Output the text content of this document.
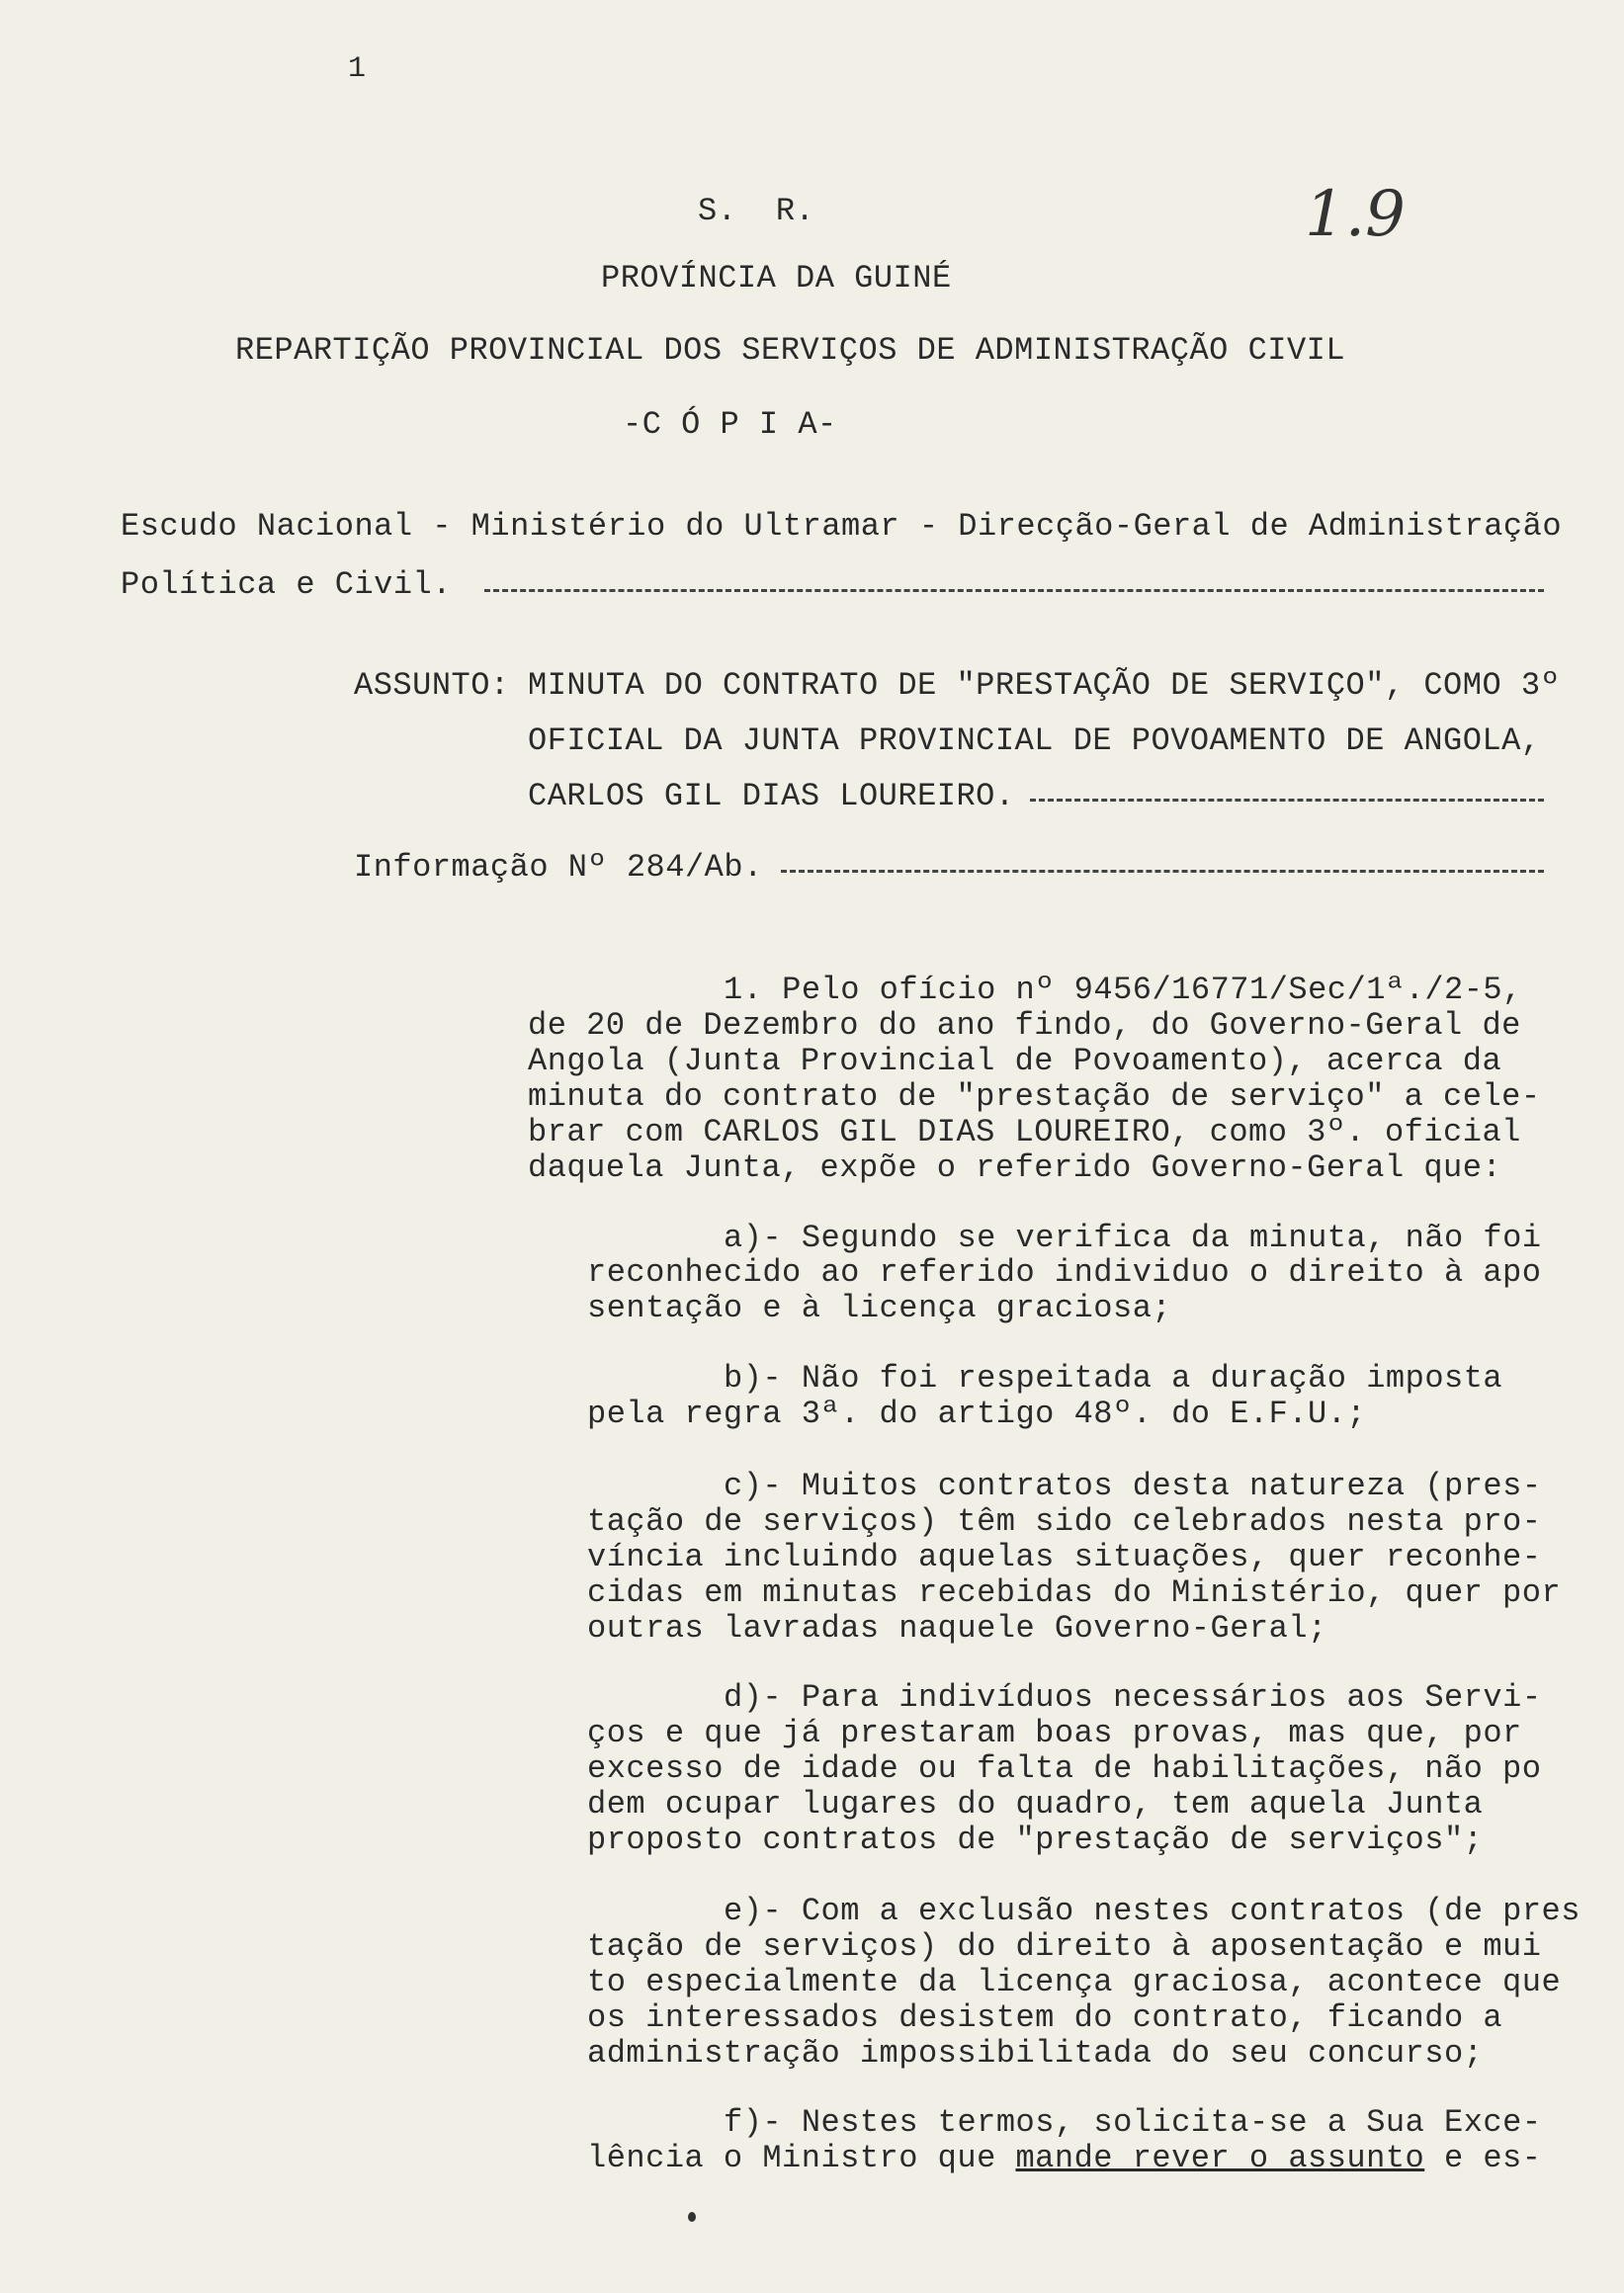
1
1.9
S.  R.
PROVÍNCIA DA GUINÉ
REPARTIÇÃO PROVINCIAL DOS SERVIÇOS DE ADMINISTRAÇÃO CIVIL
-C Ó P I A-
Escudo Nacional - Ministério do Ultramar - Direcção-Geral de Administração
Política e Civil.
ASSUNTO: MINUTA DO CONTRATO DE "PRESTAÇÃO DE SERVIÇO", COMO 3º
OFICIAL DA JUNTA PROVINCIAL DE POVOAMENTO DE ANGOLA,
CARLOS GIL DIAS LOUREIRO.
Informação Nº 284/Ab.
1. Pelo ofício nº 9456/16771/Sec/1ª./2-5,
de 20 de Dezembro do ano findo, do Governo-Geral de
Angola (Junta Provincial de Povoamento), acerca da
minuta do contrato de "prestação de serviço" a cele-
brar com CARLOS GIL DIAS LOUREIRO, como 3º. oficial
daquela Junta, expõe o referido Governo-Geral que:
a)- Segundo se verifica da minuta, não foi
reconhecido ao referido individuo o direito à apo
sentação e à licença graciosa;
b)- Não foi respeitada a duração imposta
pela regra 3ª. do artigo 48º. do E.F.U.;
c)- Muitos contratos desta natureza (pres-
tação de serviços) têm sido celebrados nesta pro-
víncia incluindo aquelas situações, quer reconhe-
cidas em minutas recebidas do Ministério, quer por
outras lavradas naquele Governo-Geral;
d)- Para indivíduos necessários aos Servi-
ços e que já prestaram boas provas, mas que, por
excesso de idade ou falta de habilitações, não po
dem ocupar lugares do quadro, tem aquela Junta
proposto contratos de "prestação de serviços";
e)- Com a exclusão nestes contratos (de pres
tação de serviços) do direito à aposentação e mui
to especialmente da licença graciosa, acontece que
os interessados desistem do contrato, ficando a
administração impossibilitada do seu concurso;
f)- Nestes termos, solicita-se a Sua Exce-
lência o Ministro que mande rever o assunto e es-
